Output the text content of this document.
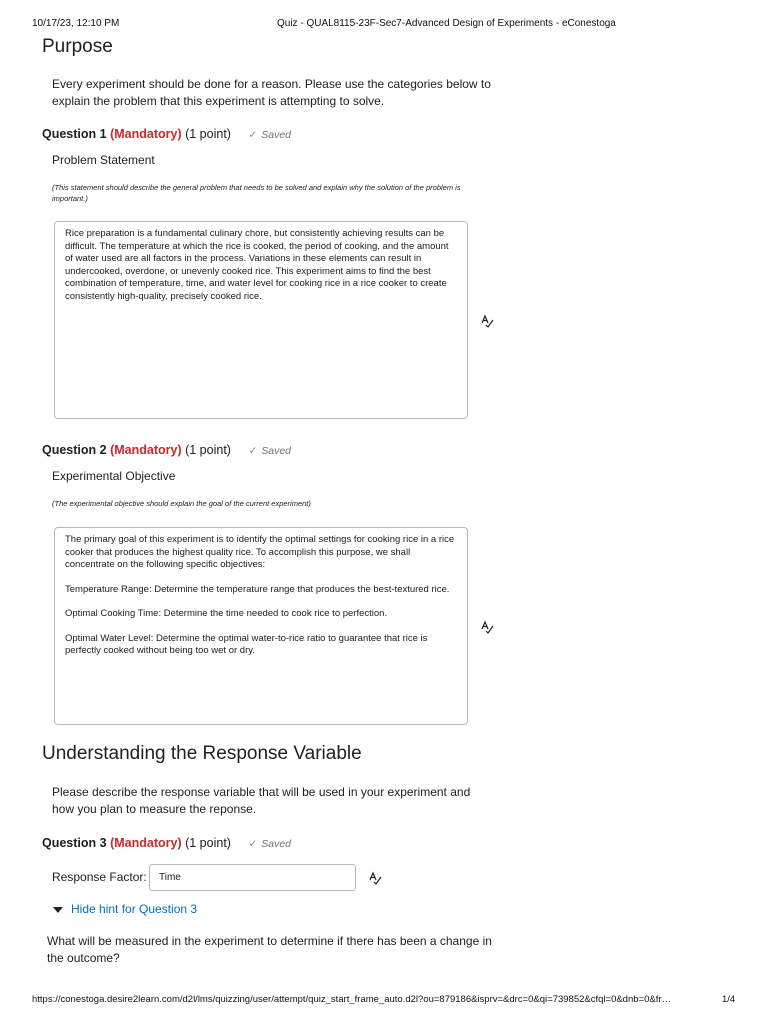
10/17/23, 12:10 PM	Quiz - QUAL8115-23F-Sec7-Advanced Design of Experiments - eConestoga
Purpose
Every experiment should be done for a reason. Please use the categories below to explain the problem that this experiment is attempting to solve.
Question 1 (Mandatory) (1 point) ✓ Saved
Problem Statement
(This statement should describe the general problem that needs to be solved and explain why the solution of the problem is important.)
Rice preparation is a fundamental culinary chore, but consistently achieving results can be difficult. The temperature at which the rice is cooked, the period of cooking, and the amount of water used are all factors in the process. Variations in these elements can result in undercooked, overdone, or unevenly cooked rice. This experiment aims to find the best combination of temperature, time, and water level for cooking rice in a rice cooker to create consistently high-quality, precisely cooked rice.
Question 2 (Mandatory) (1 point) ✓ Saved
Experimental Objective
(The experimental objective should explain the goal of the current experiment)

The primary goal of this experiment is to identify the optimal settings for cooking rice in a rice cooker that produces the highest quality rice. To accomplish this purpose, we shall concentrate on the following specific objectives:

Temperature Range: Determine the temperature range that produces the best-textured rice.

Optimal Cooking Time: Determine the time needed to cook rice to perfection.

Optimal Water Level: Determine the optimal water-to-rice ratio to guarantee that rice is perfectly cooked without being too wet or dry.

Understanding the Response Variable
Please describe the response variable that will be used in your experiment and how you plan to measure the reponse.
Question 3 (Mandatory) (1 point) ✓ Saved
Response Factor:
Time
Hide hint for Question 3
What will be measured in the experiment to determine if there has been a change in the outcome?
https://conestoga.desire2learn.com/d2l/lms/quizzing/user/attempt/quiz_start_frame_auto.d2l?ou=879186&isprv=&drc=0&qi=739852&cfql=0&dnb=0&fr…	1/4
